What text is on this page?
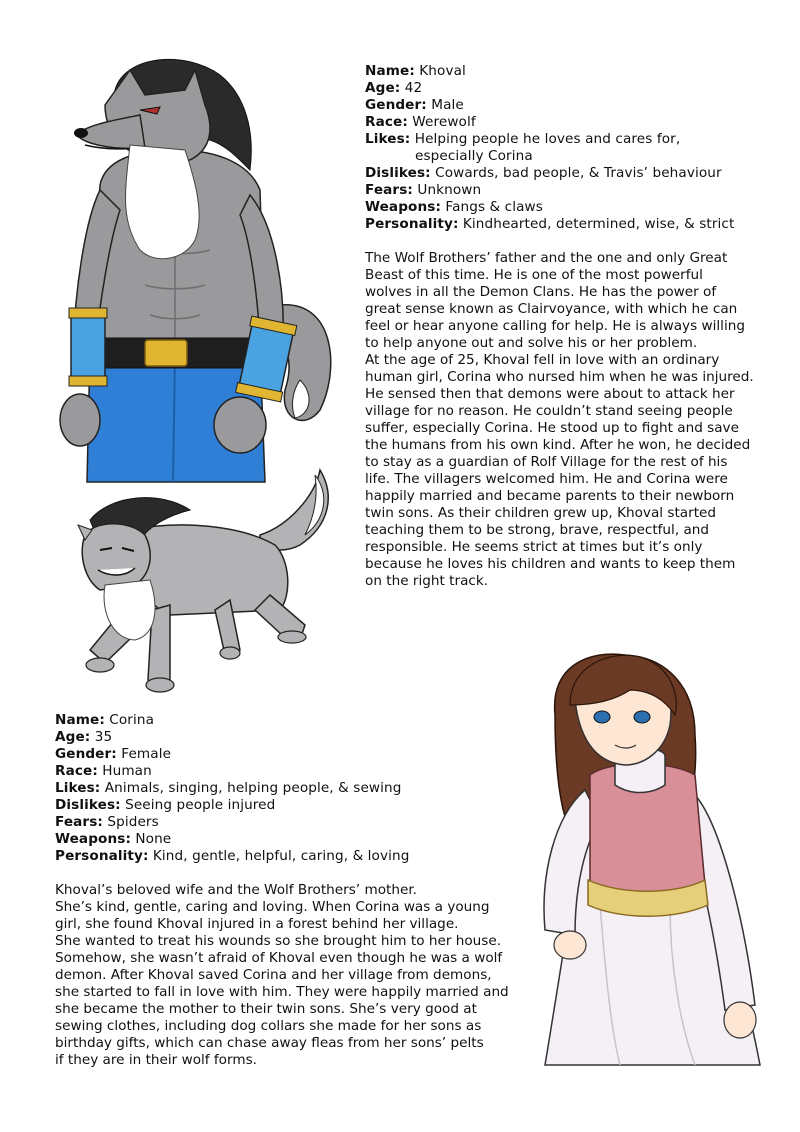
Name: Khoval
Age: 42
Gender: Male
Race: Werewolf
Likes: Helping people he loves and cares for,
especially Corina
Dislikes: Cowards, bad people, & Travis’ behaviour
Fears: Unknown
Weapons: Fangs & claws
Personality: Kindhearted, determined, wise, & strict

The Wolf Brothers’ father and the one and only Great

Beast of this time. He is one of the most powerful

wolves in all the Demon Clans. He has the power of

great sense known as Clairvoyance, with which he can

feel or hear anyone calling for help. He is always willing

to help anyone out and solve his or her problem.

At the age of 25, Khoval fell in love with an ordinary

human girl, Corina who nursed him when he was injured.

He sensed then that demons were about to attack her

village for no reason. He couldn’t stand seeing people

suffer, especially Corina. He stood up to fight and save

the humans from his own kind. After he won, he decided

to stay as a guardian of Rolf Village for the rest of his

life. The villagers welcomed him. He and Corina were

happily married and became parents to their newborn

twin sons. As their children grew up, Khoval started

teaching them to be strong, brave, respectful, and

responsible. He seems strict at times but it’s only

because he loves his children and wants to keep them

on the right track.

Name: Corina
Age: 35
Gender: Female
Race: Human
Likes: Animals, singing, helping people, & sewing
Dislikes: Seeing people injured
Fears: Spiders
Weapons: None
Personality: Kind, gentle, helpful, caring, & loving

Khoval’s beloved wife and the Wolf Brothers’ mother.

She’s kind, gentle, caring and loving. When Corina was a young

girl, she found Khoval injured in a forest behind her village.

She wanted to treat his wounds so she brought him to her house.

Somehow, she wasn’t afraid of Khoval even though he was a wolf

demon. After Khoval saved Corina and her village from demons,

she started to fall in love with him. They were happily married and

she became the mother to their twin sons. She’s very good at

sewing clothes, including dog collars she made for her sons as

birthday gifts, which can chase away fleas from her sons’ pelts

if they are in their wolf forms.
